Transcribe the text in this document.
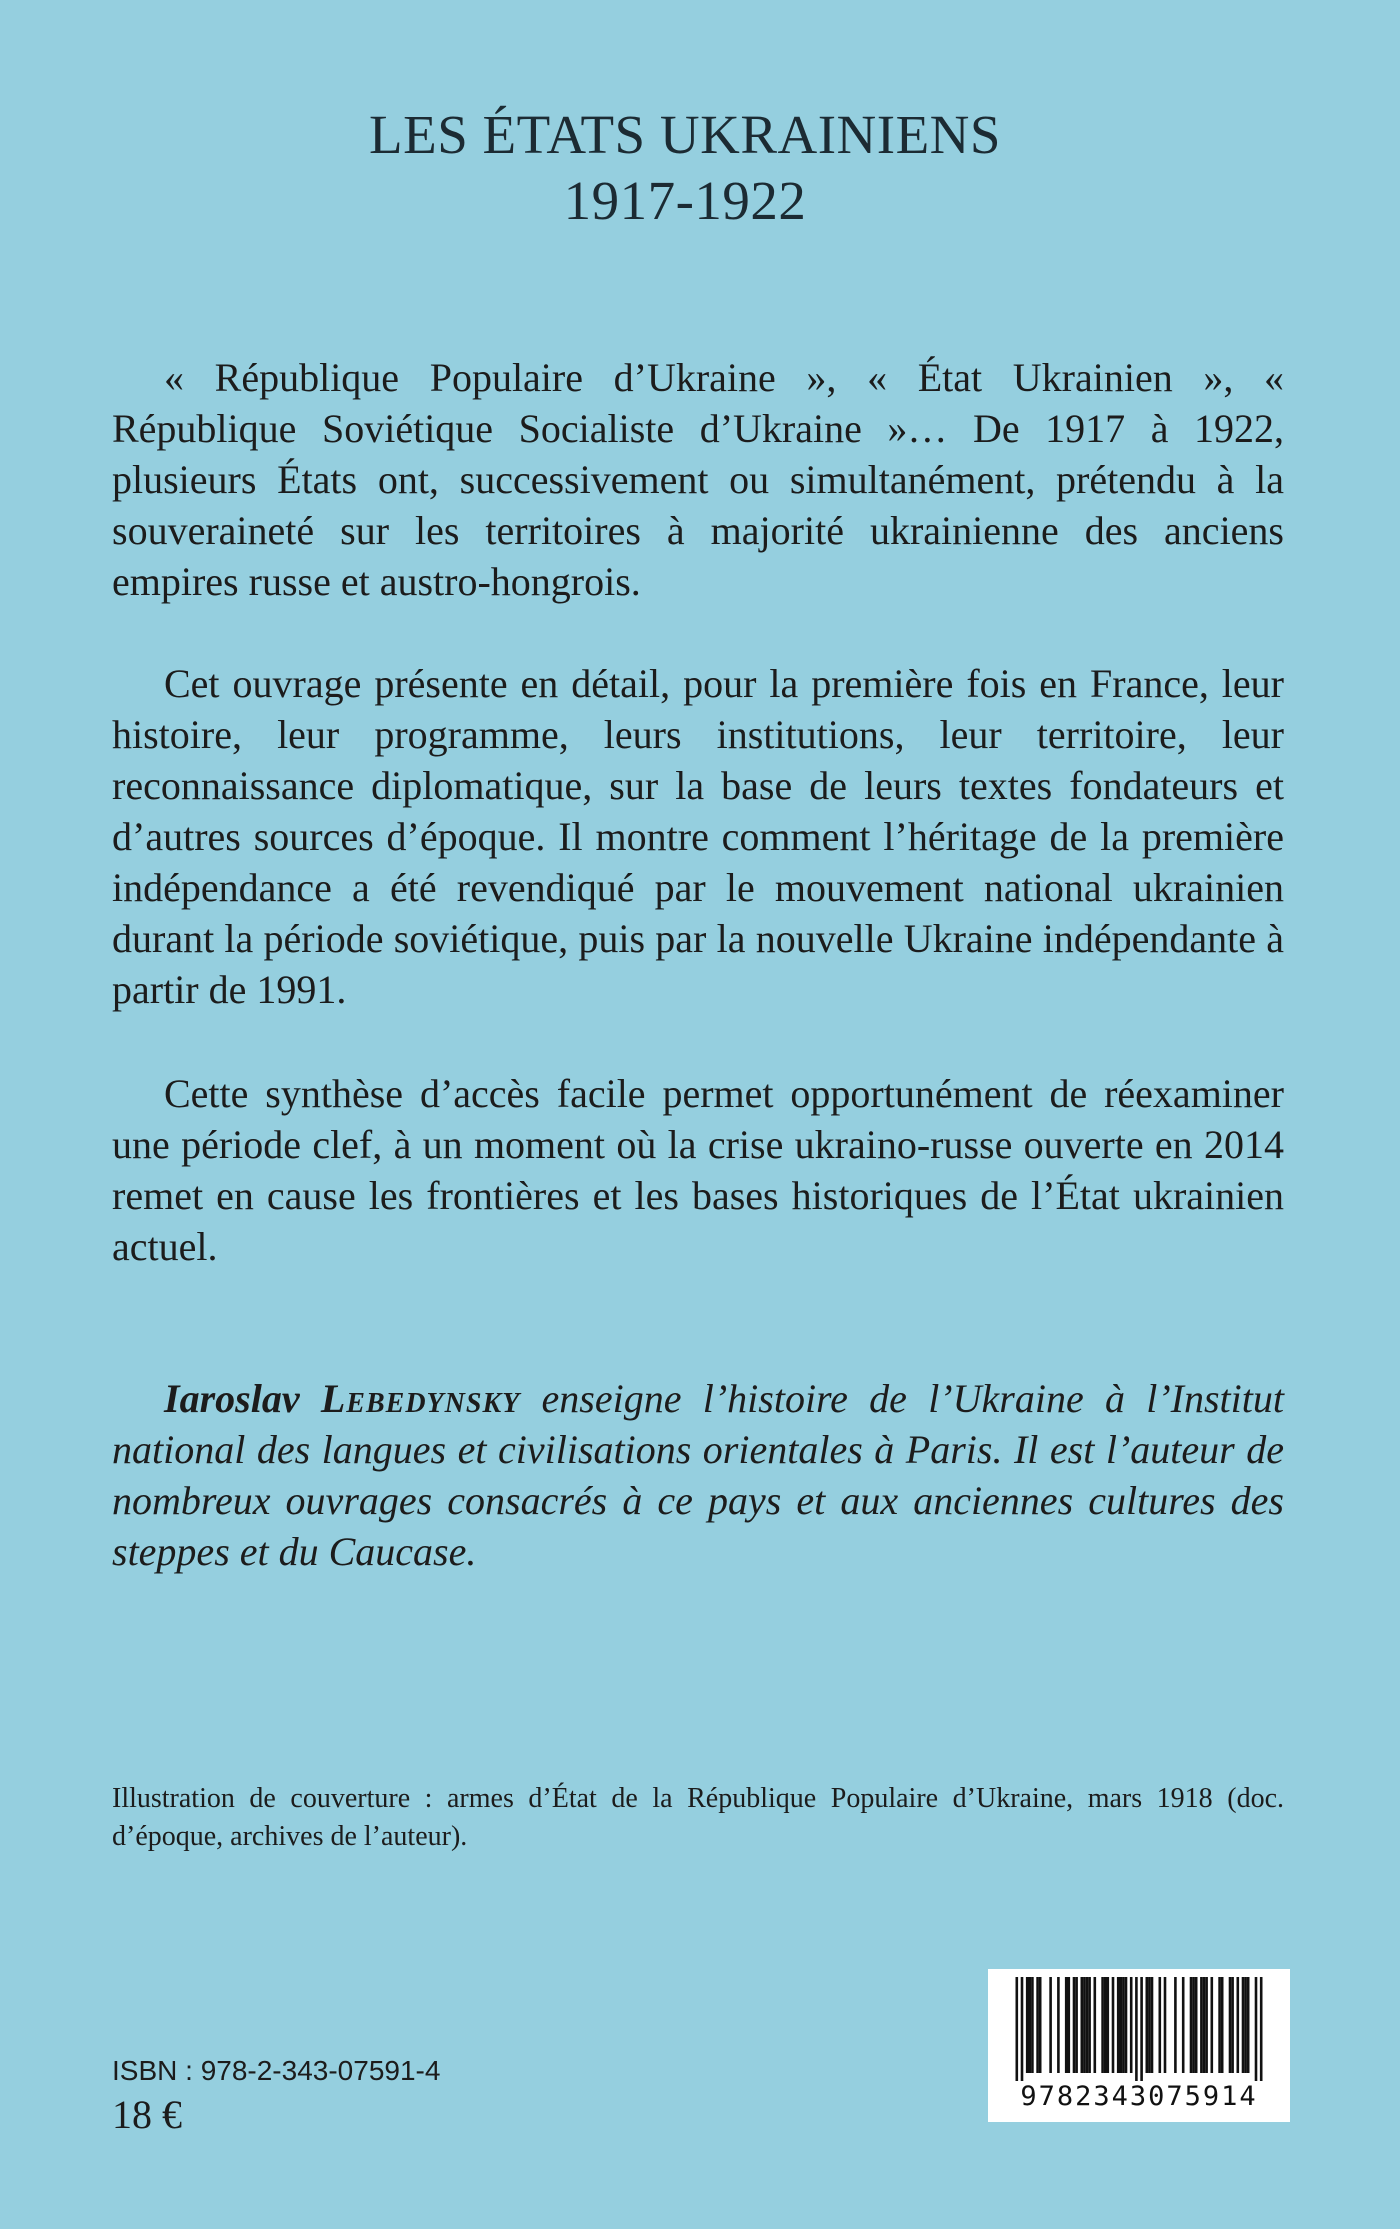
LES ÉTATS UKRAINIENS
1917-1922

« République Populaire d’Ukraine », « État Ukrainien », « République Soviétique Socialiste d’Ukraine »… De 1917 à 1922, plusieurs États ont, successivement ou simultanément, prétendu à la souveraineté sur les territoires à majorité ukrainienne des anciens empires russe et austro-hongrois.

Cet ouvrage présente en détail, pour la première fois en France, leur histoire, leur programme, leurs institutions, leur territoire, leur reconnaissance diplomatique, sur la base de leurs textes fondateurs et d’autres sources d’époque. Il montre comment l’héritage de la première indépendance a été revendiqué par le mouvement national ukrainien durant la période soviétique, puis par la nouvelle Ukraine indépendante à partir de 1991.

Cette synthèse d’accès facile permet opportunément de réexaminer une période clef, à un moment où la crise ukraino-russe ouverte en 2014 remet en cause les frontières et les bases historiques de l’État ukrainien actuel.

Iaroslav Lebedynsky enseigne l’histoire de l’Ukraine à l’Institut national des langues et civilisations orientales à Paris. Il est l’auteur de nombreux ouvrages consacrés à ce pays et aux anciennes cultures des steppes et du Caucase.

Illustration de couverture : armes d’État de la République Populaire d’Ukraine, mars 1918 (doc. d’époque, archives de l’auteur).
ISBN : 978-2-343-07591-4
18 €	9782343075914
